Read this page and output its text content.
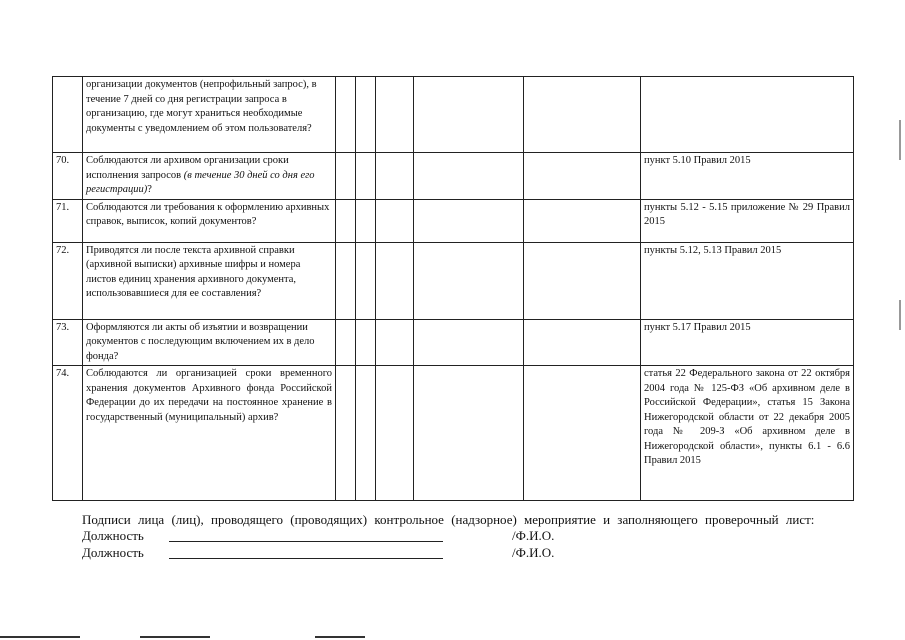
	организации документов (непрофильный запрос), в течение 7 дней со дня регистрации запроса в организацию, где могут храниться необходимые документы с уведомлением об этом пользователя?						
70.	Соблюдаются ли архивом организации сроки исполнения запросов (в течение 30 дней со дня его регистрации)?						пункт 5.10 Правил 2015
71.	Соблюдаются ли требования к оформлению архивных справок, выписок, копий документов?						пункты 5.12 - 5.15 приложение № 29 Правил 2015
72.	Приводятся ли после текста архивной справки (архивной выписки) архивные шифры и номера листов единиц хранения архивного документа, использовавшиеся для ее составления?						пункты 5.12, 5.13 Правил 2015
73.	Оформляются ли акты об изъятии и возвращении документов с последующим включением их в дело фонда?						пункт 5.17 Правил 2015
74.	Соблюдаются ли организацией сроки временного хранения документов Архивного фонда Российской Федерации до их передачи на постоянное хранение в государственный (муниципальный) архив?						статья 22 Федерального закона от 22 октября 2004 года № 125-ФЗ «Об архивном деле в Российской Федерации», статья 15 Закона Нижегородской области от 22 декабря 2005 года № 209-З «Об архивном деле в Нижегородской области», пункты 6.1 - 6.6 Правил 2015

Подписи лица (лиц), проводящего (проводящих) контрольное (надзорное) мероприятие и заполняющего проверочный лист:

Должность	/Ф.И.О.
Должность	/Ф.И.О.
